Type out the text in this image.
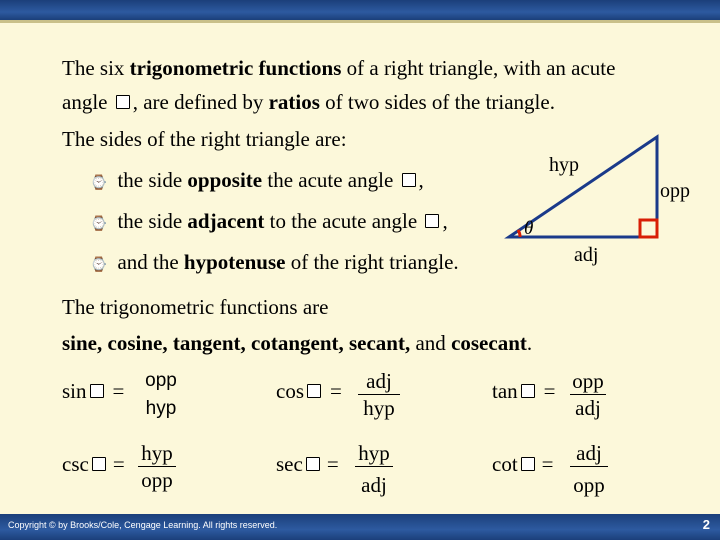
The six trigonometric functions of a right triangle, with an acute
angle , are defined by ratios of two sides of the triangle.
The sides of the right triangle are:
⌚ the side opposite the acute angle ,
⌚ the side adjacent to the acute angle ,
⌚ and the hypotenuse of the right triangle.
hyp
opp
adj
θ
The trigonometric functions are
sine, cosine, tangent, cotangent, secant, and cosecant.
sin = opp
hyp
cos =	adj
hyp
tan = opp
adj
csc = hyp
opp
sec = hyp
adj
cot = adj
opp
Copyright © by Brooks/Cole, Cengage Learning. All rights reserved.	2
